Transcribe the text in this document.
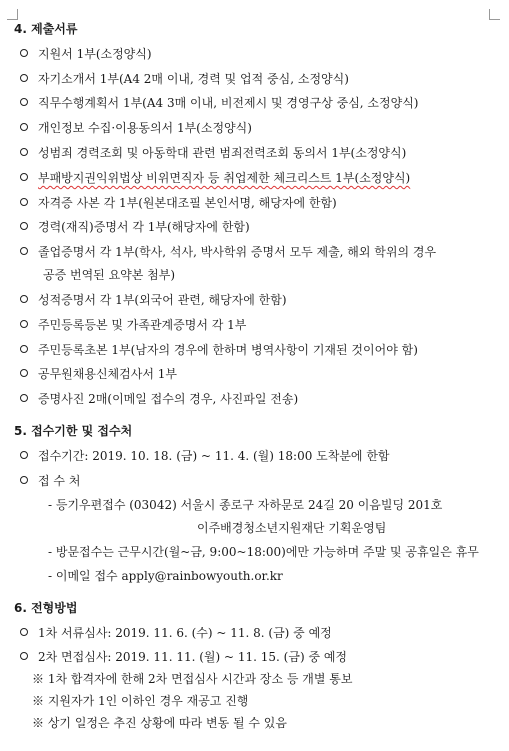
4. 제출서류
지원서 1부(소정양식)
자기소개서 1부(A4 2매 이내, 경력 및 업적 중심, 소정양식)
직무수행계획서 1부(A4 3매 이내, 비전제시 및 경영구상 중심, 소정양식)
개인정보 수집·이용동의서 1부(소정양식)
성범죄 경력조회 및 아동학대 관련 범죄전력조회 동의서 1부(소정양식)
부패방지권익위법상 비위면직자 등 취업제한 체크리스트 1부(소정양식)
자격증 사본 각 1부(원본대조필 본인서명, 해당자에 한함)
경력(재직)증명서 각 1부(해당자에 한함)
졸업증명서 각 1부(학사, 석사, 박사학위 증명서 모두 제출, 해외 학위의 경우
공증 번역된 요약본 첨부)
성적증명서 각 1부(외국어 관련, 해당자에 한함)
주민등록등본 및 가족관계증명서 각 1부
주민등록초본 1부(남자의 경우에 한하며 병역사항이 기재된 것이어야 함)
공무원채용신체검사서 1부
증명사진 2매(이메일 접수의 경우, 사진파일 전송)
5. 접수기한 및 접수처
접수기간: 2019. 10. 18. (금) ~ 11. 4. (월) 18:00 도착분에 한함
접 수 처
- 등기우편접수 (03042) 서울시 종로구 자하문로 24길 20 이음빌딩 201호
이주배경청소년지원재단 기획운영팀
- 방문접수는 근무시간(월~금, 9:00~18:00)에만 가능하며 주말 및 공휴일은 휴무
- 이메일 접수 apply@rainbowyouth.or.kr
6. 전형방법
1차 서류심사: 2019. 11. 6. (수) ~ 11. 8. (금) 중 예정
2차 면접심사: 2019. 11. 11. (월) ~ 11. 15. (금) 중 예정
※ 1차 합격자에 한해 2차 면접심사 시간과 장소 등 개별 통보
※ 지원자가 1인 이하인 경우 재공고 진행
※ 상기 일정은 추진 상황에 따라 변동 될 수 있음
